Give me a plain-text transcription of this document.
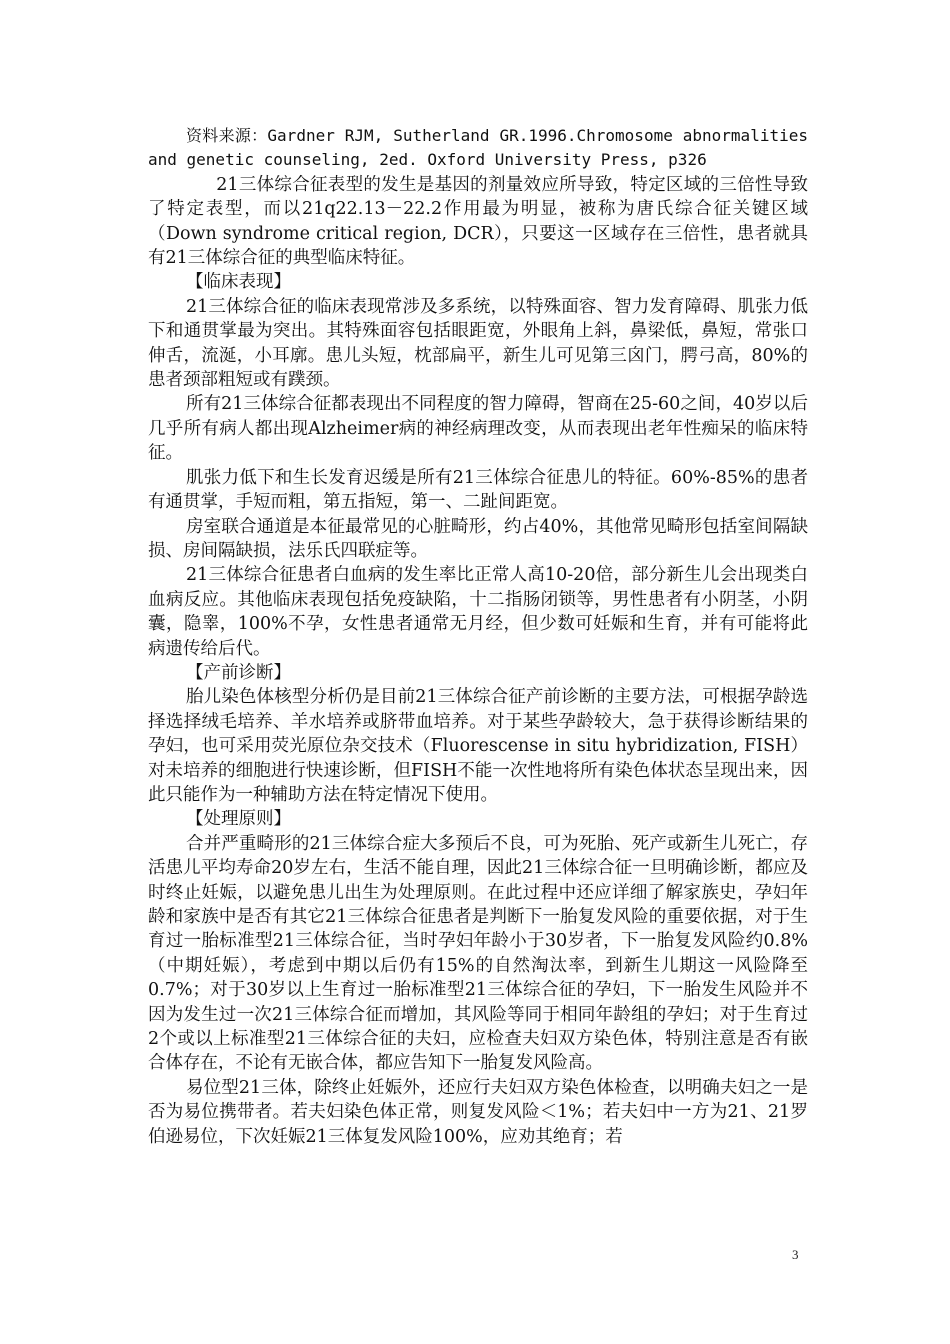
资料来源：Gardner RJM, Sutherland GR.1996.Chromosome abnormalities and genetic counseling, 2ed. Oxford University Press, p326

21三体综合征表型的发生是基因的剂量效应所导致，特定区域的三倍性导致了特定表型，而以21q22.13－22.2作用最为明显，被称为唐氏综合征关键区域（Down syndrome critical region, DCR），只要这一区域存在三倍性，患者就具有21三体综合征的典型临床特征。

【临床表现】

21三体综合征的临床表现常涉及多系统，以特殊面容、智力发育障碍、肌张力低下和通贯掌最为突出。其特殊面容包括眼距宽，外眼角上斜，鼻梁低，鼻短，常张口伸舌，流涎，小耳廓。患儿头短，枕部扁平，新生儿可见第三囟门，腭弓高，80%的患者颈部粗短或有蹼颈。

所有21三体综合征都表现出不同程度的智力障碍，智商在25-60之间，40岁以后几乎所有病人都出现Alzheimer病的神经病理改变，从而表现出老年性痴呆的临床特征。

肌张力低下和生长发育迟缓是所有21三体综合征患儿的特征。60%-85%的患者有通贯掌，手短而粗，第五指短，第一、二趾间距宽。

房室联合通道是本征最常见的心脏畸形，约占40%，其他常见畸形包括室间隔缺损、房间隔缺损，法乐氏四联症等。

21三体综合征患者白血病的发生率比正常人高10-20倍，部分新生儿会出现类白血病反应。其他临床表现包括免疫缺陷，十二指肠闭锁等，男性患者有小阴茎，小阴囊，隐睾，100%不孕，女性患者通常无月经，但少数可妊娠和生育，并有可能将此病遗传给后代。

【产前诊断】

胎儿染色体核型分析仍是目前21三体综合征产前诊断的主要方法，可根据孕龄选择选择绒毛培养、羊水培养或脐带血培养。对于某些孕龄较大，急于获得诊断结果的孕妇，也可采用荧光原位杂交技术（Fluorescense in situ hybridization, FISH）对未培养的细胞进行快速诊断，但FISH不能一次性地将所有染色体状态呈现出来，因此只能作为一种辅助方法在特定情况下使用。

【处理原则】

合并严重畸形的21三体综合症大多预后不良，可为死胎、死产或新生儿死亡，存活患儿平均寿命20岁左右，生活不能自理，因此21三体综合征一旦明确诊断，都应及时终止妊娠，以避免患儿出生为处理原则。在此过程中还应详细了解家族史，孕妇年龄和家族中是否有其它21三体综合征患者是判断下一胎复发风险的重要依据，对于生育过一胎标准型21三体综合征，当时孕妇年龄小于30岁者，下一胎复发风险约0.8%（中期妊娠），考虑到中期以后仍有15%的自然淘汰率，到新生儿期这一风险降至0.7%；对于30岁以上生育过一胎标准型21三体综合征的孕妇，下一胎发生风险并不因为发生过一次21三体综合征而增加，其风险等同于相同年龄组的孕妇；对于生育过2个或以上标准型21三体综合征的夫妇，应检查夫妇双方染色体，特别注意是否有嵌合体存在，不论有无嵌合体，都应告知下一胎复发风险高。

易位型21三体，除终止妊娠外，还应行夫妇双方染色体检查，以明确夫妇之一是否为易位携带者。若夫妇染色体正常，则复发风险＜1%；若夫妇中一方为21、21罗伯逊易位，下次妊娠21三体复发风险100%，应劝其绝育；若

3
